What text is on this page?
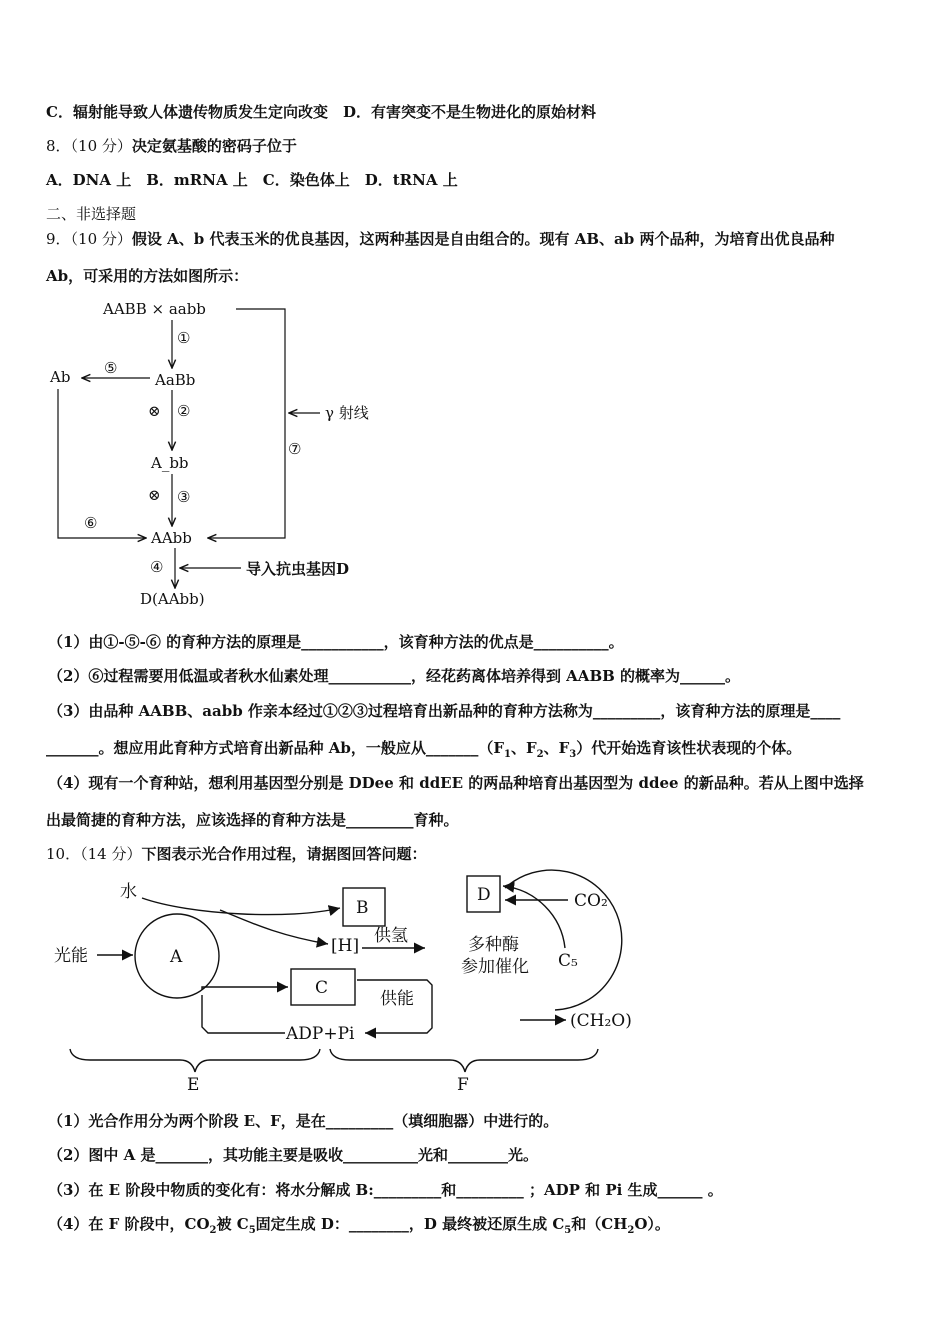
C．辐射能导致人体遗传物质发生定向改变　D．有害突变不是生物进化的原始材料
8．（10 分）决定氨基酸的密码子位于
A．DNA 上　B．mRNA 上　C．染色体上　D．tRNA 上
二、非选择题
9．（10 分）假设 A、b 代表玉米的优良基因，这两种基因是自由组合的。现有 AB、ab 两个品种，为培育出优良品种
Ab，可采用的方法如图所示：
AABB × aabb
AaBb
A_bb
AAbb
D(AAbb)
Ab
γ 射线
导入抗虫基因D
⊗
⊗
①
②
③
④
⑤
⑥
⑦
（1）由①-⑤-⑥ 的育种方法的原理是___________，该育种方法的优点是__________。
（2）⑥过程需要用低温或者秋水仙素处理___________，经花药离体培养得到 AABB 的概率为______。
（3）由品种 AABB、aabb 作亲本经过①②③过程培育出新品种的育种方法称为_________，该育种方法的原理是____
_______。想应用此育种方式培育出新品种 Ab，一般应从$\_\_\_\_\_\_\_(F_1$、$F_2$、$F_3$）代开始选育该性状表现的个体。
（4）现有一个育种站，想利用基因型分别是 DDee 和 ddEE 的两品种培育出基因型为 ddee 的新品种。若从上图中选择
出最简捷的育种方法，应该选择的育种方法是_________育种。
10．（14 分）下图表示光合作用过程，请据图回答问题：
水
光能	A
B
C
D
[H] 供氢
供能
ADP+Pi
多种酶
参加催化
CO₂
C₅
(CH₂O)
E	F
（1）光合作用分为两个阶段 E、F，是在_________（填细胞器）中进行的。
（2）图中 A 是_______，其功能主要是吸收__________光和________光。
（3）在 E 阶段中物质的变化有：将水分解成 B:_________和_________ ；ADP 和 Pi 生成______ 。
（4）在 F 阶段中，$CO_2$被 $C_5$固定生成 D：________，D 最终被还原生成 $C_5$和$(CH_2O)$。
